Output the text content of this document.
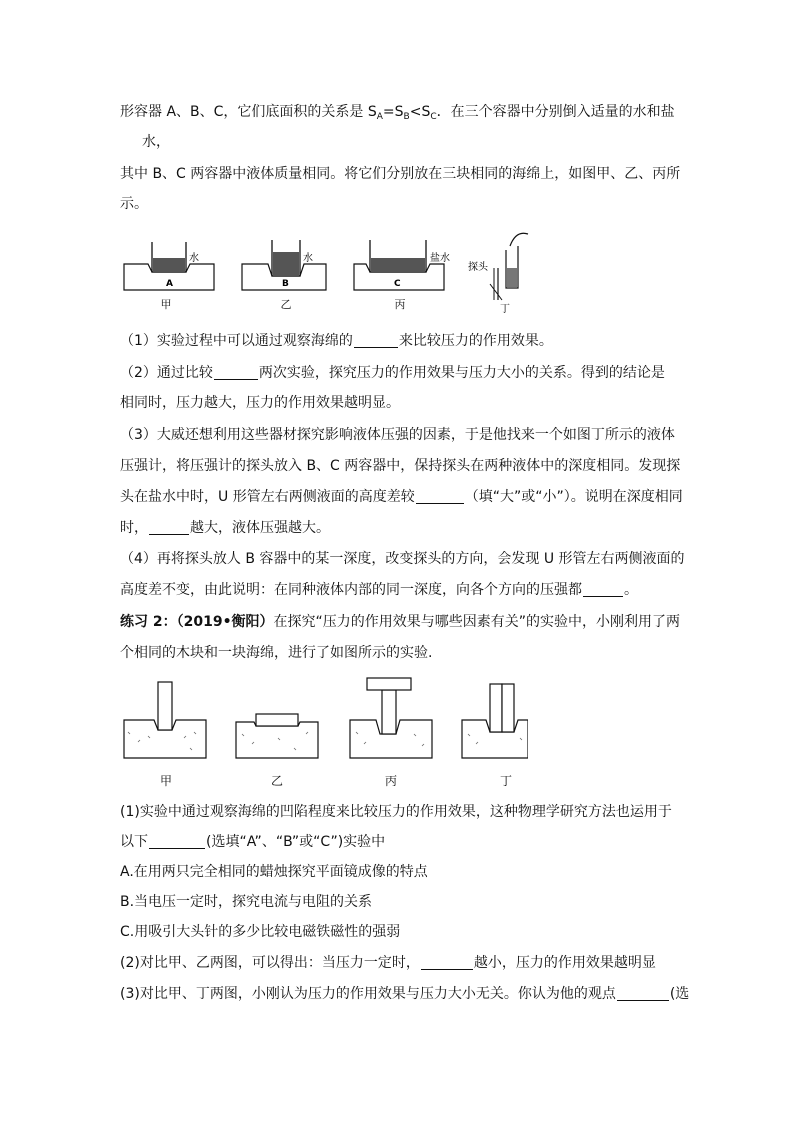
形容器 A、B、C，它们底面积的关系是 $S_A=S_B<S_C$．在三个容器中分别倒入适量的水和盐
水，
其中 B、C 两容器中液体质量相同。将它们分别放在三块相同的海绵上，如图甲、乙、丙所
示。
水
A
水
B
盐水
C
探头
丁
甲	乙	丙
（1）实验过程中可以通过观察海绵的	来比较压力的作用效果。
（2）通过比较	两次实验，探究压力的作用效果与压力大小的关系。得到的结论是
相同时，压力越大，压力的作用效果越明显。
（3）大威还想利用这些器材探究影响液体压强的因素，于是他找来一个如图丁所示的液体
压强计，将压强计的探头放入 B、C 两容器中，保持探头在两种液体中的深度相同。发现探
头在盐水中时，U 形管左右两侧液面的高度差较	（填“大”或“小”）。说明在深度相同
时，	越大，液体压强越大。
（4）再将探头放人 B 容器中的某一深度，改变探头的方向，会发现 U 形管左右两侧液面的
高度差不变，由此说明：在同种液体内部的同一深度，向各个方向的压强都	。
练习 2：（2019•衡阳）在探究“压力的作用效果与哪些因素有关”的实验中，小刚利用了两
个相同的木块和一块海绵，进行了如图所示的实验.
甲	乙	丙	丁
(1)实验中通过观察海绵的凹陷程度来比较压力的作用效果，这种物理学研究方法也运用于
以下	(选填“A”、“B”或“C”)实验中
A.在用两只完全相同的蜡烛探究平面镜成像的特点
B.当电压一定时，探究电流与电阻的关系
C.用吸引大头针的多少比较电磁铁磁性的强弱
(2)对比甲、乙两图，可以得出：当压力一定时，	越小，压力的作用效果越明显
(3)对比甲、丁两图，小刚认为压力的作用效果与压力大小无关。你认为他的观点	(选
